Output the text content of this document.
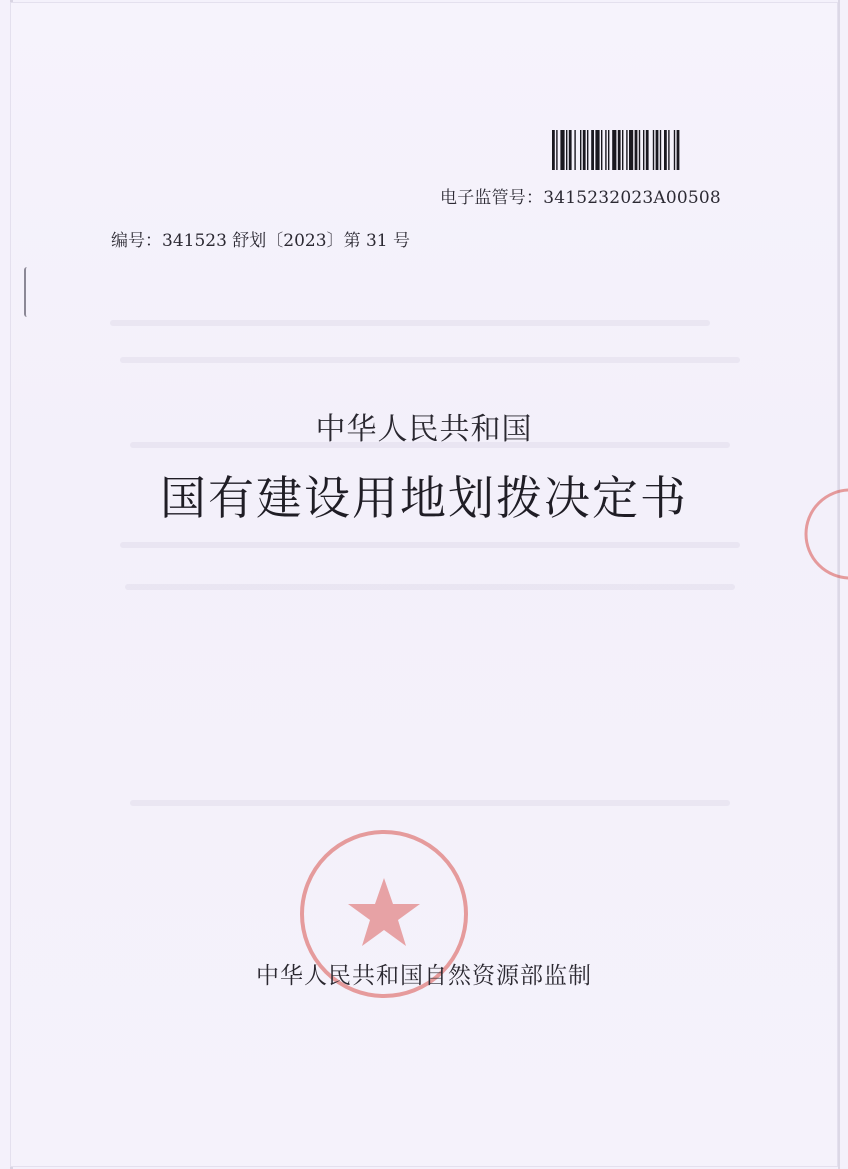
电子监管号：3415232023A00508
编号：341523 舒划〔2023〕第 31 号
中华人民共和国
国有建设用地划拨决定书
中华人民共和国自然资源部监制
